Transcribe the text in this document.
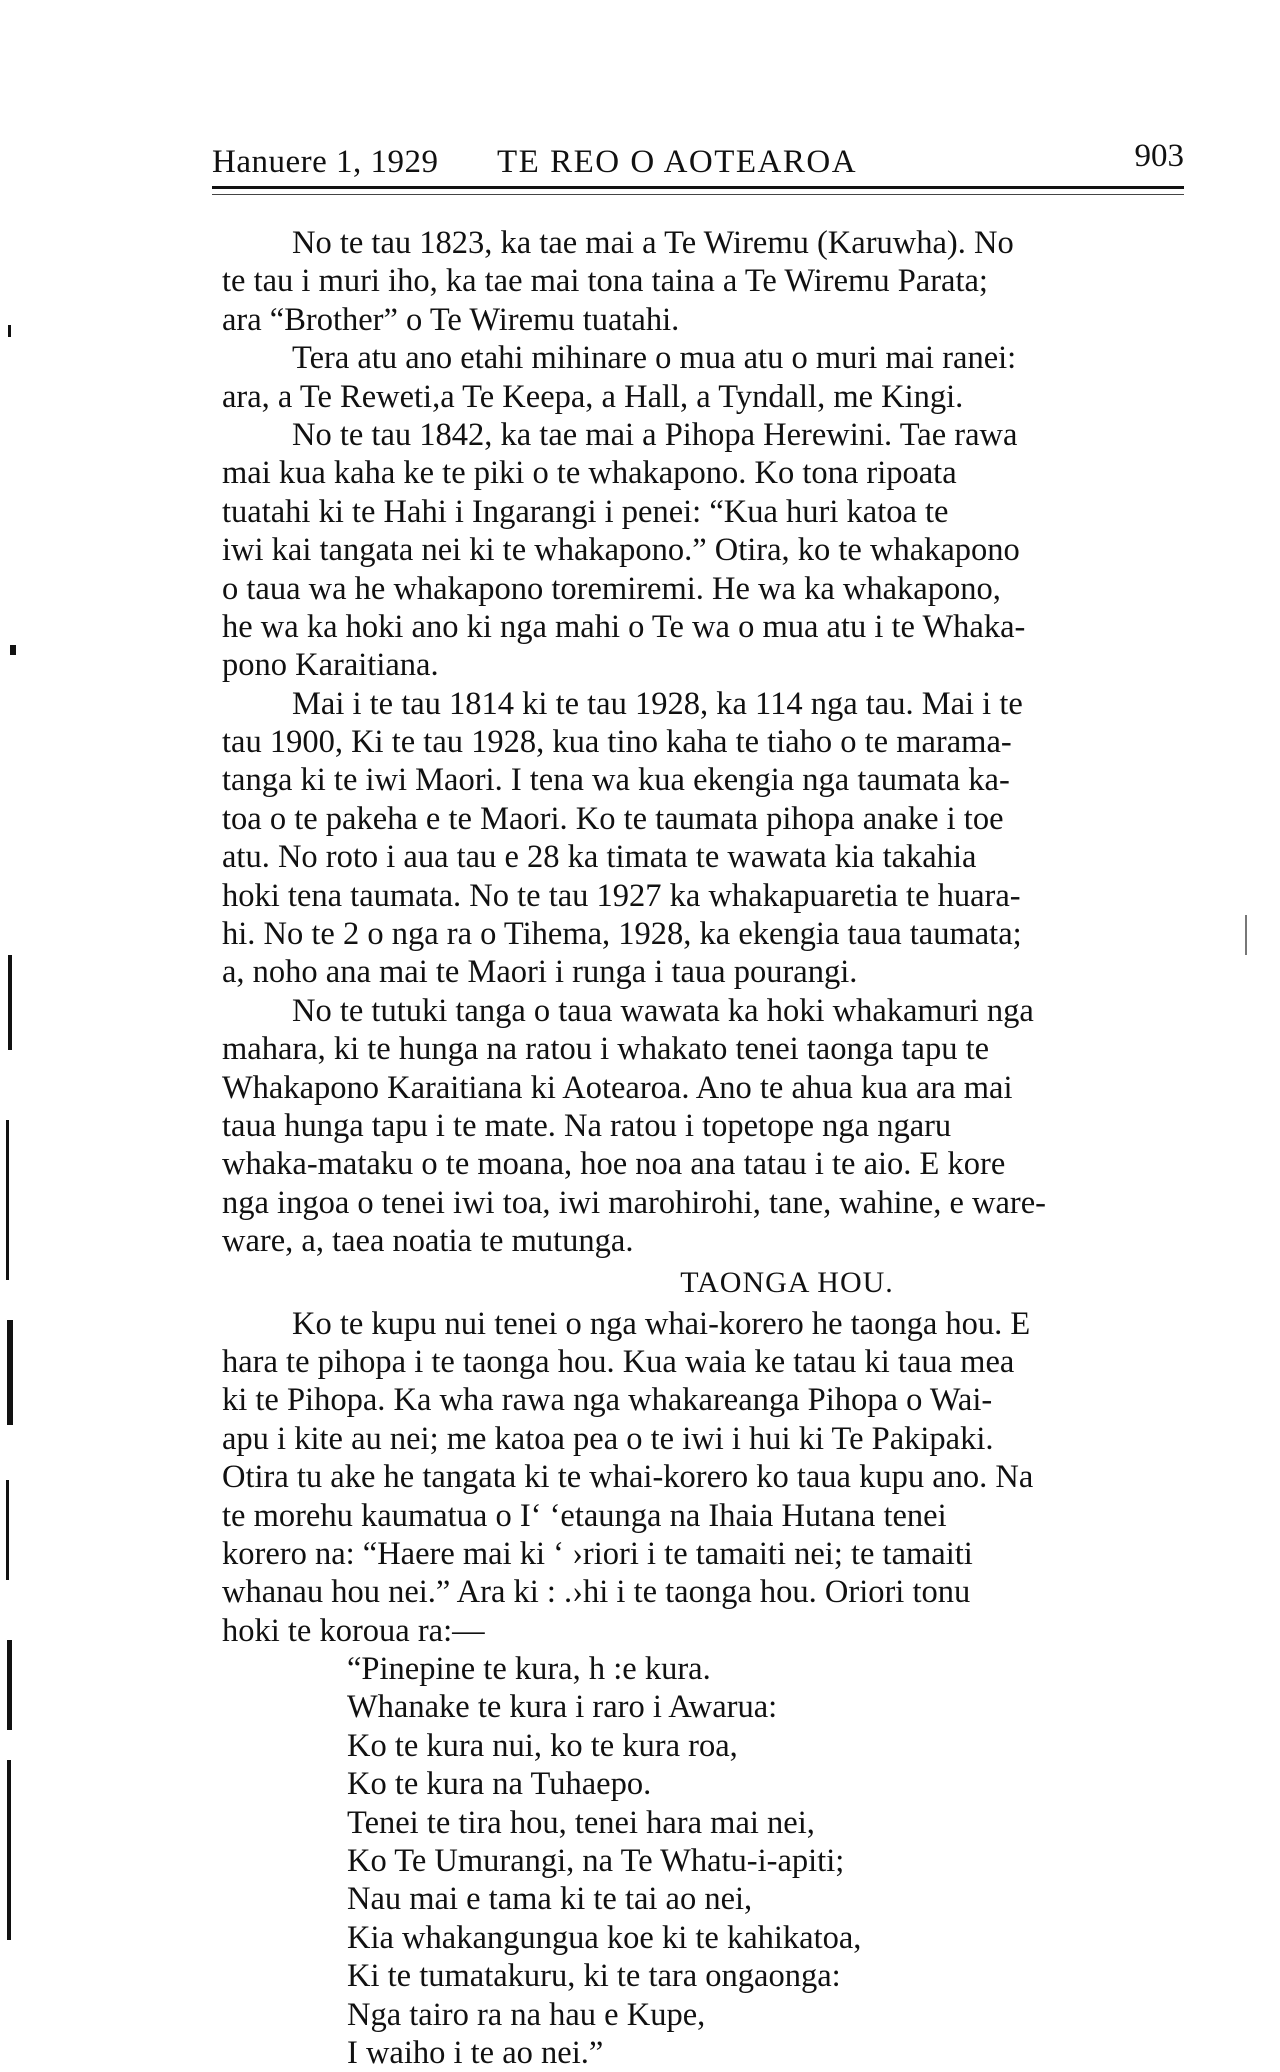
Hanuere 1, 1929 TE REO O AOTEAROA	903
No te tau 1823, ka tae mai a Te Wiremu (Karuwha). No
te tau i muri iho, ka tae mai tona taina a Te Wiremu Parata;
ara “Brother” o Te Wiremu tuatahi.
Tera atu ano etahi mihinare o mua atu o muri mai ranei:
ara, a Te Reweti,a Te Keepa, a Hall, a Tyndall, me Kingi.
No te tau 1842, ka tae mai a Pihopa Herewini. Tae rawa
mai kua kaha ke te piki o te whakapono. Ko tona ripoata
tuatahi ki te Hahi i Ingarangi i penei: “Kua huri katoa te
iwi kai tangata nei ki te whakapono.” Otira, ko te whakapono
o taua wa he whakapono toremiremi. He wa ka whakapono,
he wa ka hoki ano ki nga mahi o Te wa o mua atu i te Whaka-
pono Karaitiana.
Mai i te tau 1814 ki te tau 1928, ka 114 nga tau. Mai i te
tau 1900, Ki te tau 1928, kua tino kaha te tiaho o te marama-
tanga ki te iwi Maori. I tena wa kua ekengia nga taumata ka-
toa o te pakeha e te Maori. Ko te taumata pihopa anake i toe
atu. No roto i aua tau e 28 ka timata te wawata kia takahia
hoki tena taumata. No te tau 1927 ka whakapuaretia te huara-
hi. No te 2 o nga ra o Tihema, 1928, ka ekengia taua taumata;
a, noho ana mai te Maori i runga i taua pourangi.
No te tutuki tanga o taua wawata ka hoki whakamuri nga
mahara, ki te hunga na ratou i whakato tenei taonga tapu te
Whakapono Karaitiana ki Aotearoa. Ano te ahua kua ara mai
taua hunga tapu i te mate. Na ratou i topetope nga ngaru
whaka-mataku o te moana, hoe noa ana tatau i te aio. E kore
nga ingoa o tenei iwi toa, iwi marohirohi, tane, wahine, e ware-
ware, a, taea noatia te mutunga.
TAONGA HOU.
Ko te kupu nui tenei o nga whai-korero he taonga hou. E
hara te pihopa i te taonga hou. Kua waia ke tatau ki taua mea
ki te Pihopa. Ka wha rawa nga whakareanga Pihopa o Wai-
apu i kite au nei; me katoa pea o te iwi i hui ki Te Pakipaki.
Otira tu ake he tangata ki te whai-korero ko taua kupu ano. Na
te morehu kaumatua o I‘ ‘etaunga na Ihaia Hutana tenei
korero na: “Haere mai ki ‘ ›riori i te tamaiti nei; te tamaiti
whanau hou nei.” Ara ki : .›hi i te taonga hou. Oriori tonu
hoki te koroua ra:—
“Pinepine te kura, h :e kura.
Whanake te kura i raro i Awarua:
Ko te kura nui, ko te kura roa,
Ko te kura na Tuhaepo.
Tenei te tira hou, tenei hara mai nei,
Ko Te Umurangi, na Te Whatu-i-apiti;
Nau mai e tama ki te tai ao nei,
Kia whakangungua koe ki te kahikatoa,
Ki te tumatakuru, ki te tara ongaonga:
Nga tairo ra na hau e Kupe,
I waiho i te ao nei.”
